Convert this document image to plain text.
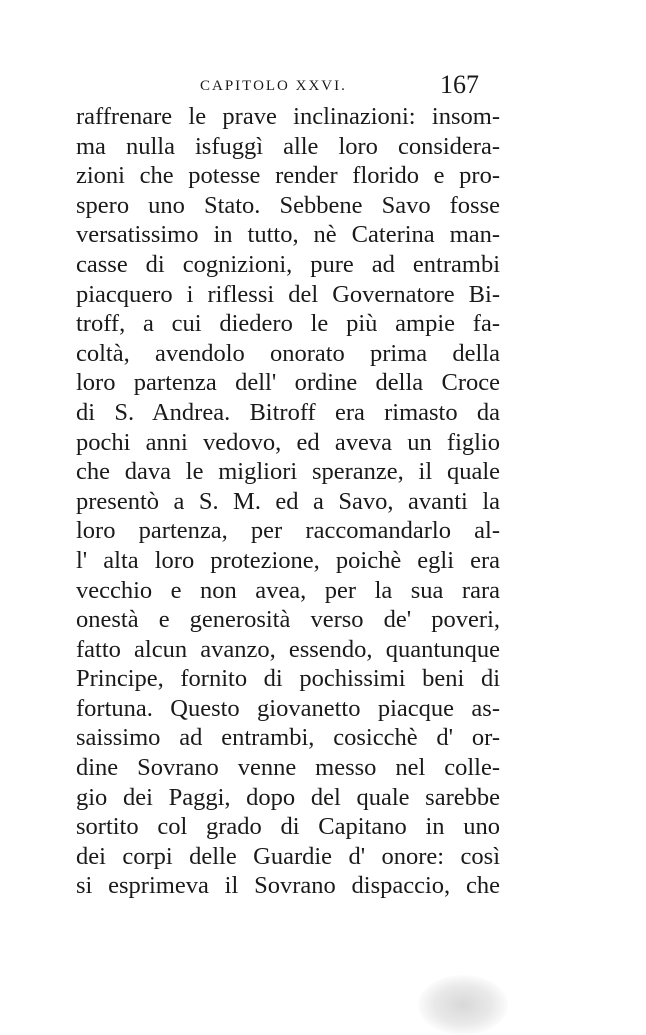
CAPITOLO XXVI.	167
raffrenare le prave inclinazioni: insom-
ma nulla isfuggì alle loro considera-
zioni che potesse render florido e pro-
spero uno Stato. Sebbene Savo fosse
versatissimo in tutto, nè Caterina man-
casse di cognizioni, pure ad entrambi
piacquero i riflessi del Governatore Bi-
troff, a cui diedero le più ampie fa-
coltà, avendolo onorato prima della
loro partenza dell' ordine della Croce
di S. Andrea. Bitroff era rimasto da
pochi anni vedovo, ed aveva un figlio
che dava le migliori speranze, il quale
presentò a S. M. ed a Savo, avanti la
loro partenza, per raccomandarlo al-
l' alta loro protezione, poichè egli era
vecchio e non avea, per la sua rara
onestà e generosità verso de' poveri,
fatto alcun avanzo, essendo, quantunque
Principe, fornito di pochissimi beni di
fortuna. Questo giovanetto piacque as-
saissimo ad entrambi, cosicchè d' or-
dine Sovrano venne messo nel colle-
gio dei Paggi, dopo del quale sarebbe
sortito col grado di Capitano in uno
dei corpi delle Guardie d' onore: così
si esprimeva il Sovrano dispaccio, che
